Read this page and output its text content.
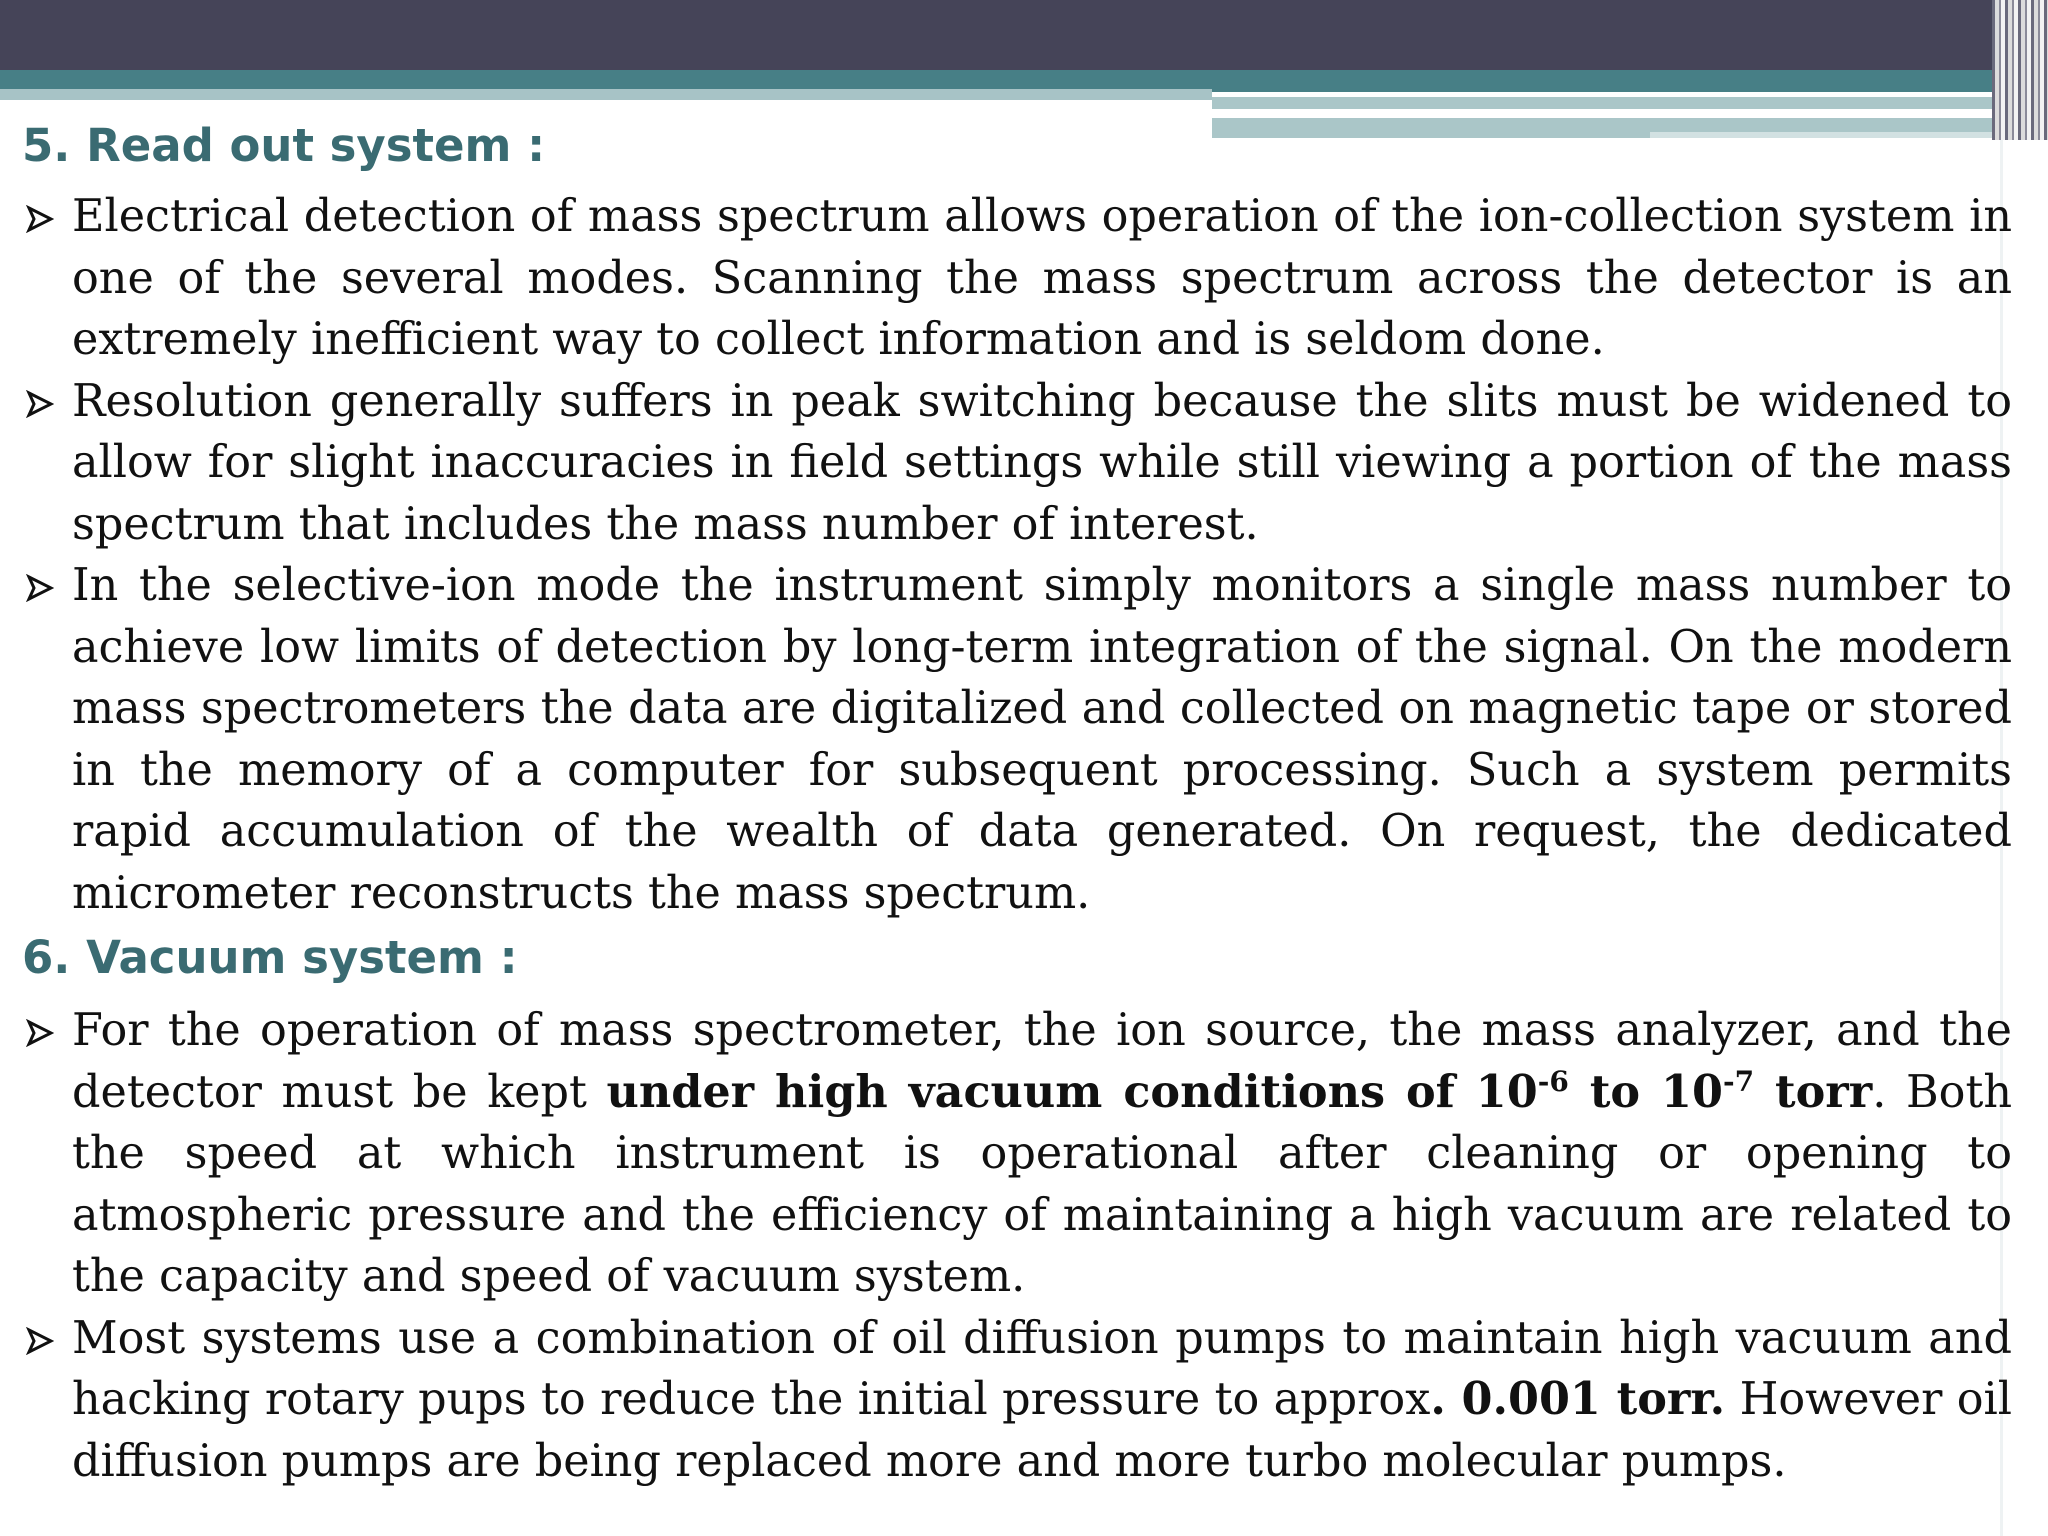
5. Read out system :
Electrical detection of mass spectrum allows operation of the ion-collection system in one of the several modes. Scanning the mass spectrum across the detector is an extremely inefficient way to collect information and is seldom done.
Resolution generally suffers in peak switching because the slits must be widened to allow for slight inaccuracies in field settings while still viewing a portion of the mass spectrum that includes the mass number of interest.
In the selective-ion mode the instrument simply monitors a single mass number to achieve low limits of detection by long-term integration of the signal. On the modern mass spectrometers the data are digitalized and collected on magnetic tape or stored in the memory of a computer for subsequent processing. Such a system permits rapid accumulation of the wealth of data generated. On request, the dedicated micrometer reconstructs the mass spectrum.
6. Vacuum system :
For the operation of mass spectrometer, the ion source, the mass analyzer, and the detector must be kept under high vacuum conditions of $10^{-6}$ to $10^{-7}$ torr. Both the speed at which instrument is operational after cleaning or opening to atmospheric pressure and the efficiency of maintaining a high vacuum are related to the capacity and speed of vacuum system.
Most systems use a combination of oil diffusion pumps to maintain high vacuum and hacking rotary pups to reduce the initial pressure to approx. 0.001 torr. However oil diffusion pumps are being replaced more and more turbo molecular pumps.
